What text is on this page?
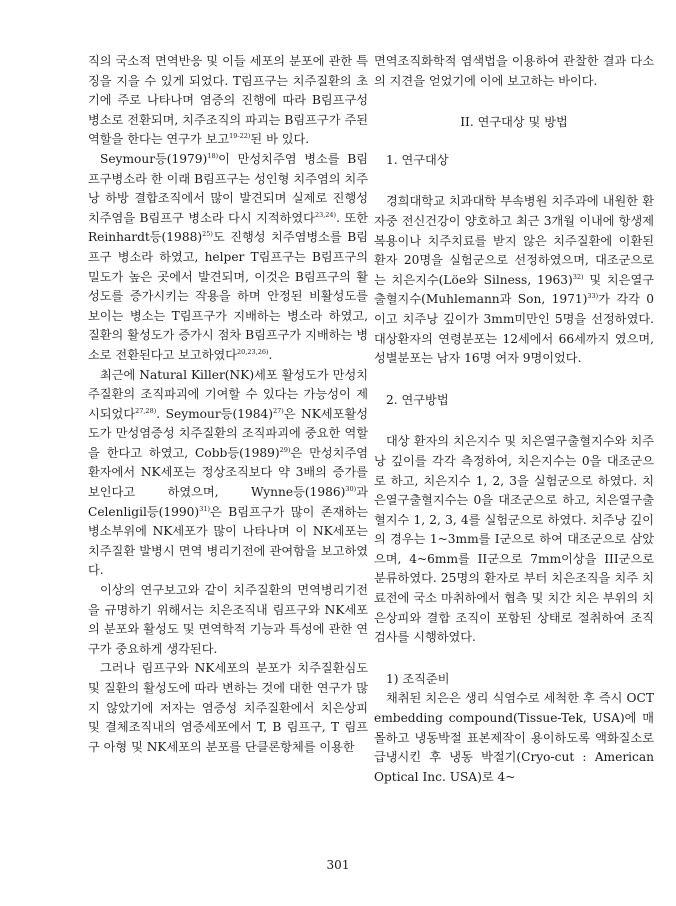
직의 국소적 면역반응 및 이들 세포의 분포에 관한 특징을 지을 수 있게 되었다. T림프구는 치주질환의 초기에 주로 나타나며 염증의 진행에 따라 B림프구성 병소로 전환되며, 치주조직의 파괴는 B림프구가 주된 역할을 한다는 연구가 보고$^{19-22)}$된 바 있다.

Seymour등$(1979)^{18)}$이 만성치주염 병소를 B림프구병소라 한 이래 B림프구는 성인형 치주염의 치주낭 하방 결합조직에서 많이 발견되며 실제로 진행성 치주염을 B림프구 병소라 다시 지적하였다$^{23,24)}$. 또한 Reinhardt등$(1988)^{25)}$도 진행성 치주염병소를 B림프구 병소라 하였고, helper T림프구는 B림프구의 밀도가 높은 곳에서 발견되며, 이것은 B림프구의 활성도를 증가시키는 작용을 하며 안정된 비활성도를 보이는 병소는 T림프구가 지배하는 병소라 하였고, 질환의 활성도가 증가시 점차 B림프구가 지배하는 병소로 전환된다고 보고하였다$^{20,23,26)}$.

최근에 Natural Killer(NK)세포 활성도가 만성치주질환의 조직파괴에 기여할 수 있다는 가능성이 제시되었다$^{27,28)}$. Seymour등$(1984)^{27)}$은 NK세포활성도가 만성염증성 치주질환의 조직파괴에 중요한 역할을 한다고 하였고, Cobb등$(1989)^{29)}$은 만성치주염 환자에서 NK세포는 정상조직보다 약 3배의 증가를 보인다고 하였으며, Wynne등$(1986)^{30)}$과 Celenligil등$(1990)^{31)}$은 B림프구가 많이 존재하는 병소부위에 NK세포가 많이 나타나며 이 NK세포는 치주질환 발병시 면역 병리기전에 관여함을 보고하였다.

이상의 연구보고와 같이 치주질환의 면역병리기전을 규명하기 위해서는 치은조직내 림프구와 NK세포의 분포와 활성도 및 면역학적 기능과 특성에 관한 연구가 중요하게 생각된다.

그러나 림프구와 NK세포의 분포가 치주질환심도 및 질환의 활성도에 따라 변하는 것에 대한 연구가 많지 않았기에 저자는 염증성 치주질환에서 치은상피 및 결체조직내의 염증세포에서 T, B 림프구, T 림프구 아형 및 NK세포의 분포를 단클론항체를 이용한

면역조직화학적 염색법을 이용하여 관찰한 결과 다소의 지견을 얻었기에 이에 보고하는 바이다.

II. 연구대상 및 방법
1. 연구대상

경희대학교 치과대학 부속병원 치주과에 내원한 환자중 전신건강이 양호하고 최근 3개월 이내에 항생제 복용이나 치주치료를 받지 않은 치주질환에 이환된 환자 20명을 실험군으로 선정하였으며, 대조군으로는 치은지수(Löe와 Silness, 1963)$^{32)}$ 및 치은열구출혈지수(Muhlemann과 Son, 1971)$^{33)}$가 각각 0이고 치주낭 깊이가 3mm미만인 5명을 선정하였다. 대상환자의 연령분포는 12세에서 66세까지 였으며, 성별분포는 남자 16명 여자 9명이었다.

2. 연구방법

대상 환자의 치은지수 및 치은열구출혈지수와 치주낭 깊이를 각각 측정하여, 치은지수는 0을 대조군으로 하고, 치은지수 1, 2, 3을 실험군으로 하였다. 치은열구출혈지수는 0을 대조군으로 하고, 치은열구출혈지수 1, 2, 3, 4를 실험군으로 하였다. 치주낭 깊이의 경우는 1~3mm를 I군으로 하여 대조군으로 삼았으며, 4~6mm를 II군으로 7mm이상을 III군으로 분류하였다. 25명의 환자로 부터 치은조직을 치주 치료전에 국소 마취하에서 협측 및 치간 치은 부위의 치은상피와 결합 조직이 포함된 상태로 절취하여 조직검사를 시행하였다.

1) 조직준비

채취된 치은은 생리 식염수로 세척한 후 즉시 OCT embedding compound(Tissue-Tek, USA)에 매몰하고 냉동박절 표본제작이 용이하도록 액화질소로 급냉시킨 후 냉동 박절기(Cryo-cut : American Optical Inc. USA)로 4~

301
